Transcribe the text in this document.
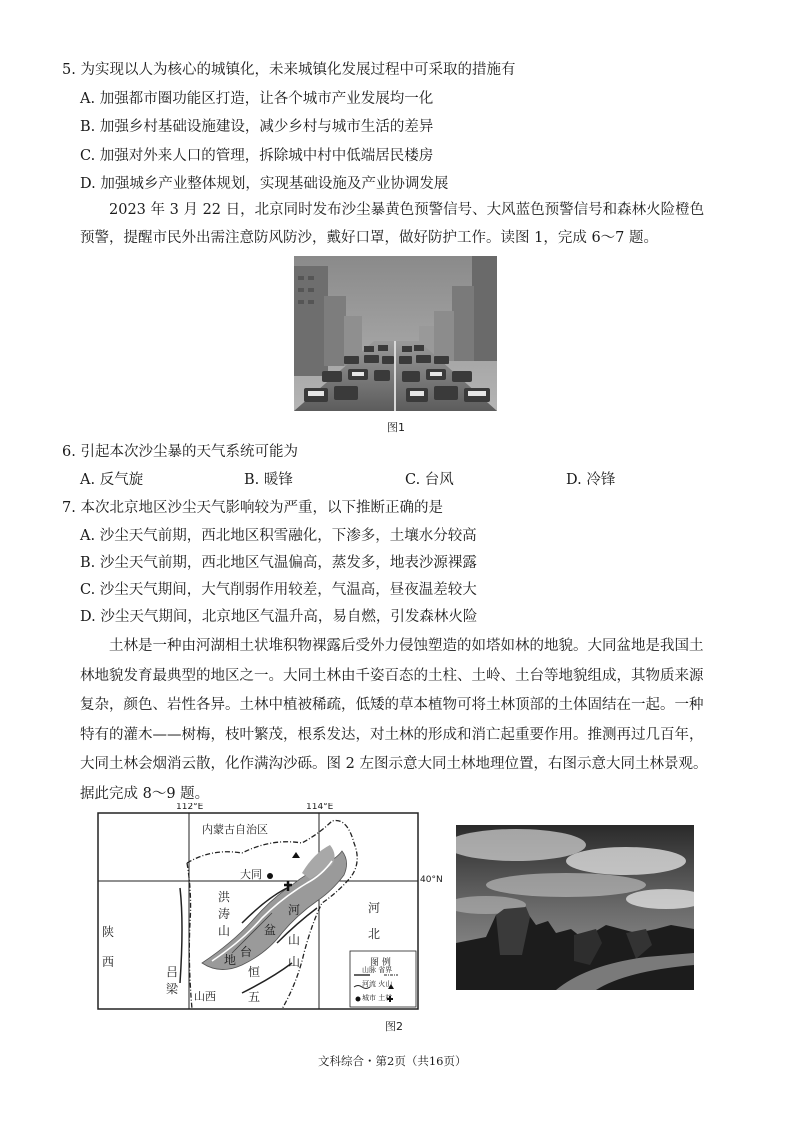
5. 为实现以人为核心的城镇化，未来城镇化发展过程中可采取的措施有
A. 加强都市圈功能区打造，让各个城市产业发展均一化
B. 加强乡村基础设施建设，减少乡村与城市生活的差异
C. 加强对外来人口的管理，拆除城中村中低端居民楼房
D. 加强城乡产业整体规划，实现基础设施及产业协调发展
2023 年 3 月 22 日，北京同时发布沙尘暴黄色预警信号、大风蓝色预警信号和森林火险橙色预警，提醒市民外出需注意防风防沙，戴好口罩，做好防护工作。读图 1，完成 6～7 题。
图1
6. 引起本次沙尘暴的天气系统可能为
A. 反气旋	B. 暖锋	C. 台风	D. 冷锋
7. 本次北京地区沙尘天气影响较为严重，以下推断正确的是
A. 沙尘天气前期，西北地区积雪融化，下渗多，土壤水分较高
B. 沙尘天气前期，西北地区气温偏高，蒸发多，地表沙源裸露
C. 沙尘天气期间，大气削弱作用较差，气温高，昼夜温差较大
D. 沙尘天气期间，北京地区气温升高，易自燃，引发森林火险
土林是一种由河湖相土状堆积物裸露后受外力侵蚀塑造的如塔如林的地貌。大同盆地是我国土林地貌发育最典型的地区之一。大同土林由千姿百态的土柱、土岭、土台等地貌组成，其物质来源复杂，颜色、岩性各异。土林中植被稀疏，低矮的草本植物可将土林顶部的土体固结在一起。一种特有的灌木——树梅，枝叶繁茂，根系发达，对土林的形成和消亡起重要作用。推测再过几百年，大同土林会烟消云散，化作满沟沙砾。图 2 左图示意大同土林地理位置，右图示意大同土林景观。据此完成 8～9 题。
112°E	114°E
40°N
内蒙古自治区
大同
洪
涛
山
陕
西
河
北
山西
吕
梁
恒
山
五
台
山
盆
地
河
图 例
山脉 省界
河流 火山
城市 土林
图2
文科综合・第2页（共16页）
